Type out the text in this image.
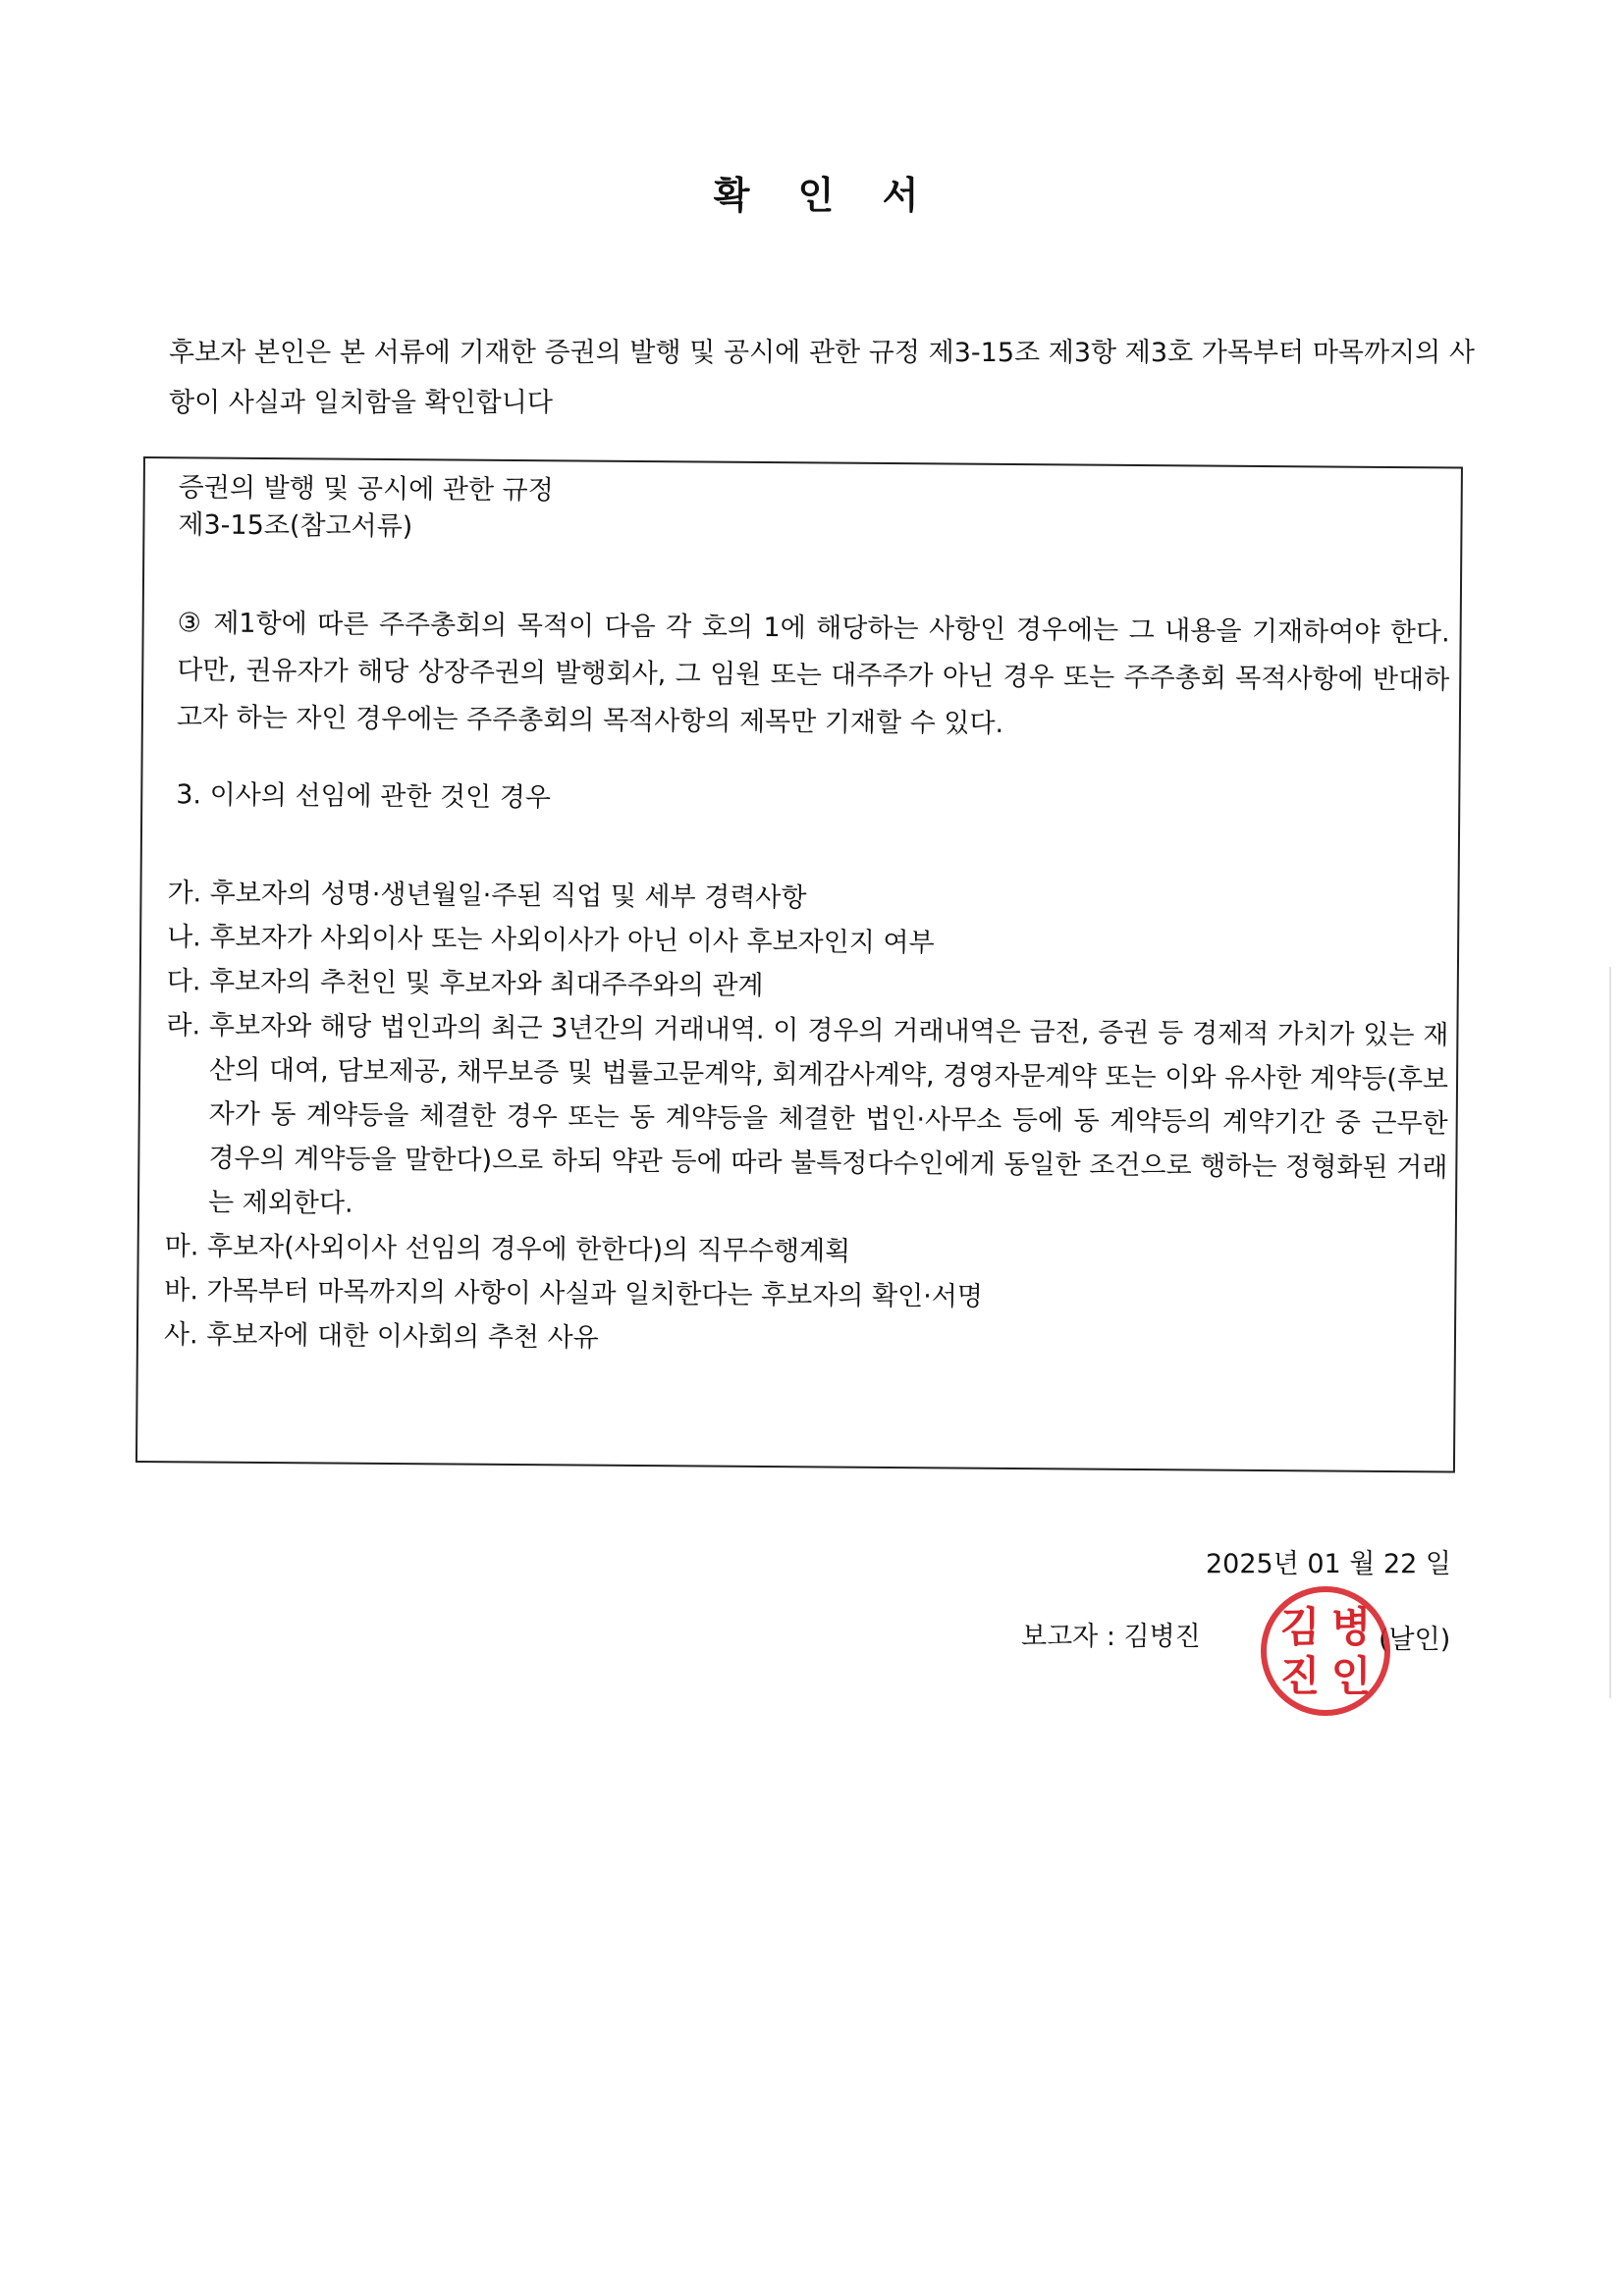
확 인 서

후보자 본인은 본 서류에 기재한 증권의 발행 및 공시에 관한 규정 제3-15조 제3항 제3호 가목부터 마목까지의 사항이 사실과 일치함을 확인합니다

증권의 발행 및 공시에 관한 규정

제3-15조(참고서류)

③ 제1항에 따른 주주총회의 목적이 다음 각 호의 1에 해당하는 사항인 경우에는 그 내용을 기재하여야 한다. 다만, 권유자가 해당 상장주권의 발행회사, 그 임원 또는 대주주가 아닌 경우 또는 주주총회 목적사항에 반대하고자 하는 자인 경우에는 주주총회의 목적사항의 제목만 기재할 수 있다.

3. 이사의 선임에 관한 것인 경우

가. 후보자의 성명·생년월일·주된 직업 및 세부 경력사항

나. 후보자가 사외이사 또는 사외이사가 아닌 이사 후보자인지 여부

다. 후보자의 추천인 및 후보자와 최대주주와의 관계

라. 후보자와 해당 법인과의 최근 3년간의 거래내역. 이 경우의 거래내역은 금전, 증권 등 경제적 가치가 있는 재산의 대여, 담보제공, 채무보증 및 법률고문계약, 회계감사계약, 경영자문계약 또는 이와 유사한 계약등(후보자가 동 계약등을 체결한 경우 또는 동 계약등을 체결한 법인·사무소 등에 동 계약등의 계약기간 중 근무한 경우의 계약등을 말한다)으로 하되 약관 등에 따라 불특정다수인에게 동일한 조건으로 행하는 정형화된 거래는 제외한다.

마. 후보자(사외이사 선임의 경우에 한한다)의 직무수행계획

바. 가목부터 마목까지의 사항이 사실과 일치한다는 후보자의 확인·서명

사. 후보자에 대한 이사회의 추천 사유

2025년 01 월 22 일

보고자 : 김병진	(날인)

김 병
진 인
